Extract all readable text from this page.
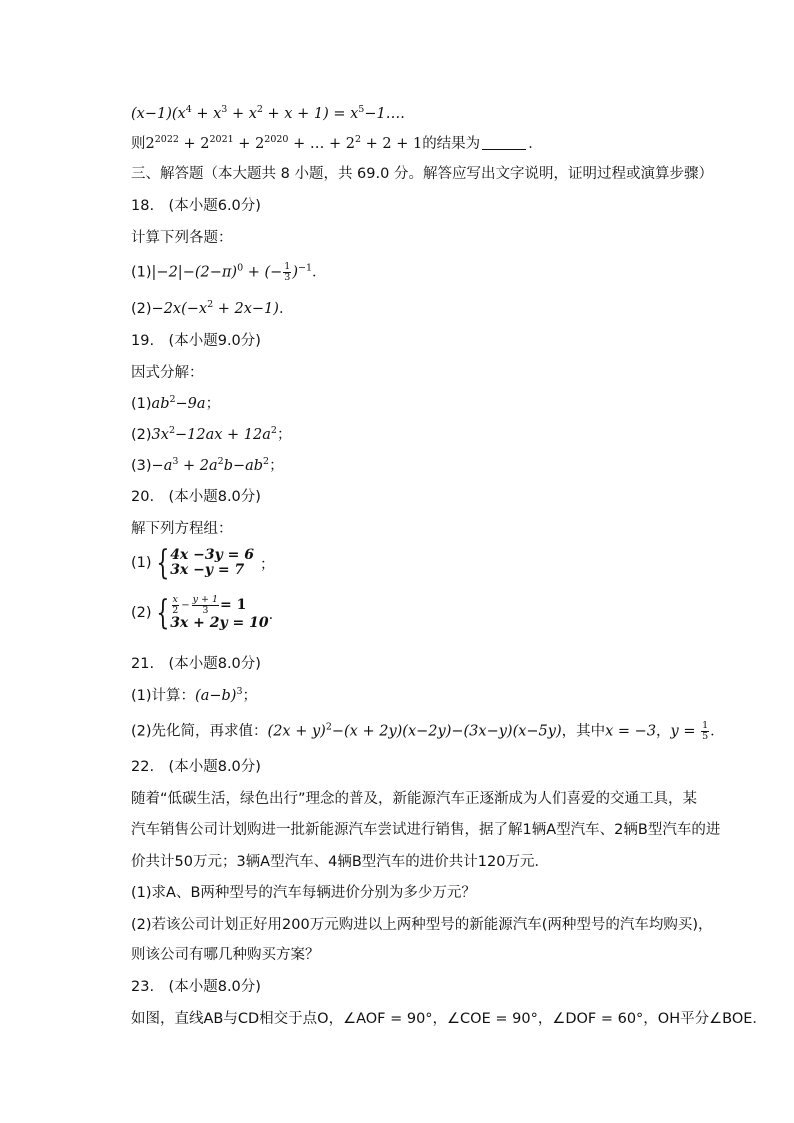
$(x-1)(x^4 + x^3 + x^2 + x + 1)$ = $x^5-1\dots$.
则$2^{2022} + 2^{2021} + 2^{2020}$ + … + $2^2 + 2 + 1$的结果为	．
三、解答题（本大题共 8 小题，共 69.0 分。解答应写出文字说明，证明过程或演算步骤）
18.　(本小题6.0分)
计算下列各题：
$(1)|-2|-(2-\pi)^0$ + (− $\frac{1}{3} )^{-1}$．
$(2)-2x(-x^2 + 2x-1)$．
19.　(本小题9.0分)
因式分解：
$(1)ab^2-9a$；
$(2)3x^2-12ax + 12a^2$；
$(3)-a^3 + 2a^2b-ab^2$；
20.　(本小题8.0分)
解下列方程组：
(1) { 4x −3y = 6
3x −y = 7	；
(2) { $\frac{x}{2} - \frac{y + 1}{3} = 1$
3x + 2y = 10
．
21.　(本小题8.0分)
(1)计算：$(a-b)^3$；
(2)先化简，再求值：$(2x + y)^2-(x + 2y)(x-2y)-(3x-y)(x-5y)$，其中x = −3，$y = \frac{1}{5}$ ．
22.　(本小题8.0分)
随着“低碳生活，绿色出行”理念的普及，新能源汽车正逐渐成为人们喜爱的交通工具，某
汽车销售公司计划购进一批新能源汽车尝试进行销售，据了解1辆A型汽车、2辆B型汽车的进
价共计50万元；3辆A型汽车、4辆B型汽车的进价共计120万元．
(1)求A、B两种型号的汽车每辆进价分别为多少万元？
(2)若该公司计划正好用200万元购进以上两种型号的新能源汽车(两种型号的汽车均购买)，
则该公司有哪几种购买方案？
23.　(本小题8.0分)
如图，直线AB与CD相交于点O，∠AOF = 90°，∠COE = 90°，∠DOF = 60°，OH平分∠BOE．
